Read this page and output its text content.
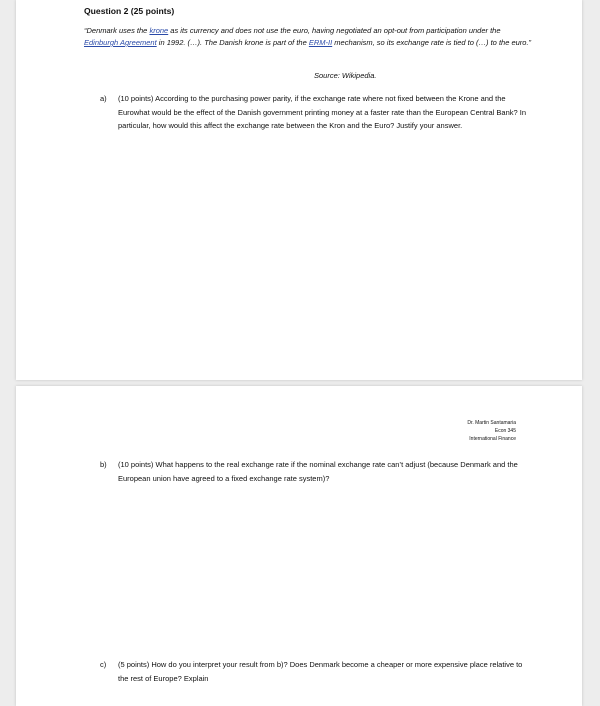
Question 2 (25 points)

“Denmark uses the krone as its currency and does not use the euro, having negotiated an opt-out from participation under the Edinburgh Agreement in 1992. (…). The Danish krone is part of the ERM-II mechanism, so its exchange rate is tied to (…) to the euro.”

Source: Wikipedia.

a) (10 points) According to the purchasing power parity, if the exchange rate where not fixed between the Krone and the Eurowhat would be the effect of the Danish government printing money at a faster rate than the European Central Bank? In particular, how would this affect the exchange rate between the Kron and the Euro? Justify your answer.
Dr. Martin Santamaria
Econ 345
International Finance
b) (10 points) What happens to the real exchange rate if the nominal exchange rate can’t adjust (because Denmark and the European union have agreed to a fixed exchange rate system)?
c) (5 points) How do you interpret your result from b)? Does Denmark become a cheaper or more expensive place relative to the rest of Europe? Explain
